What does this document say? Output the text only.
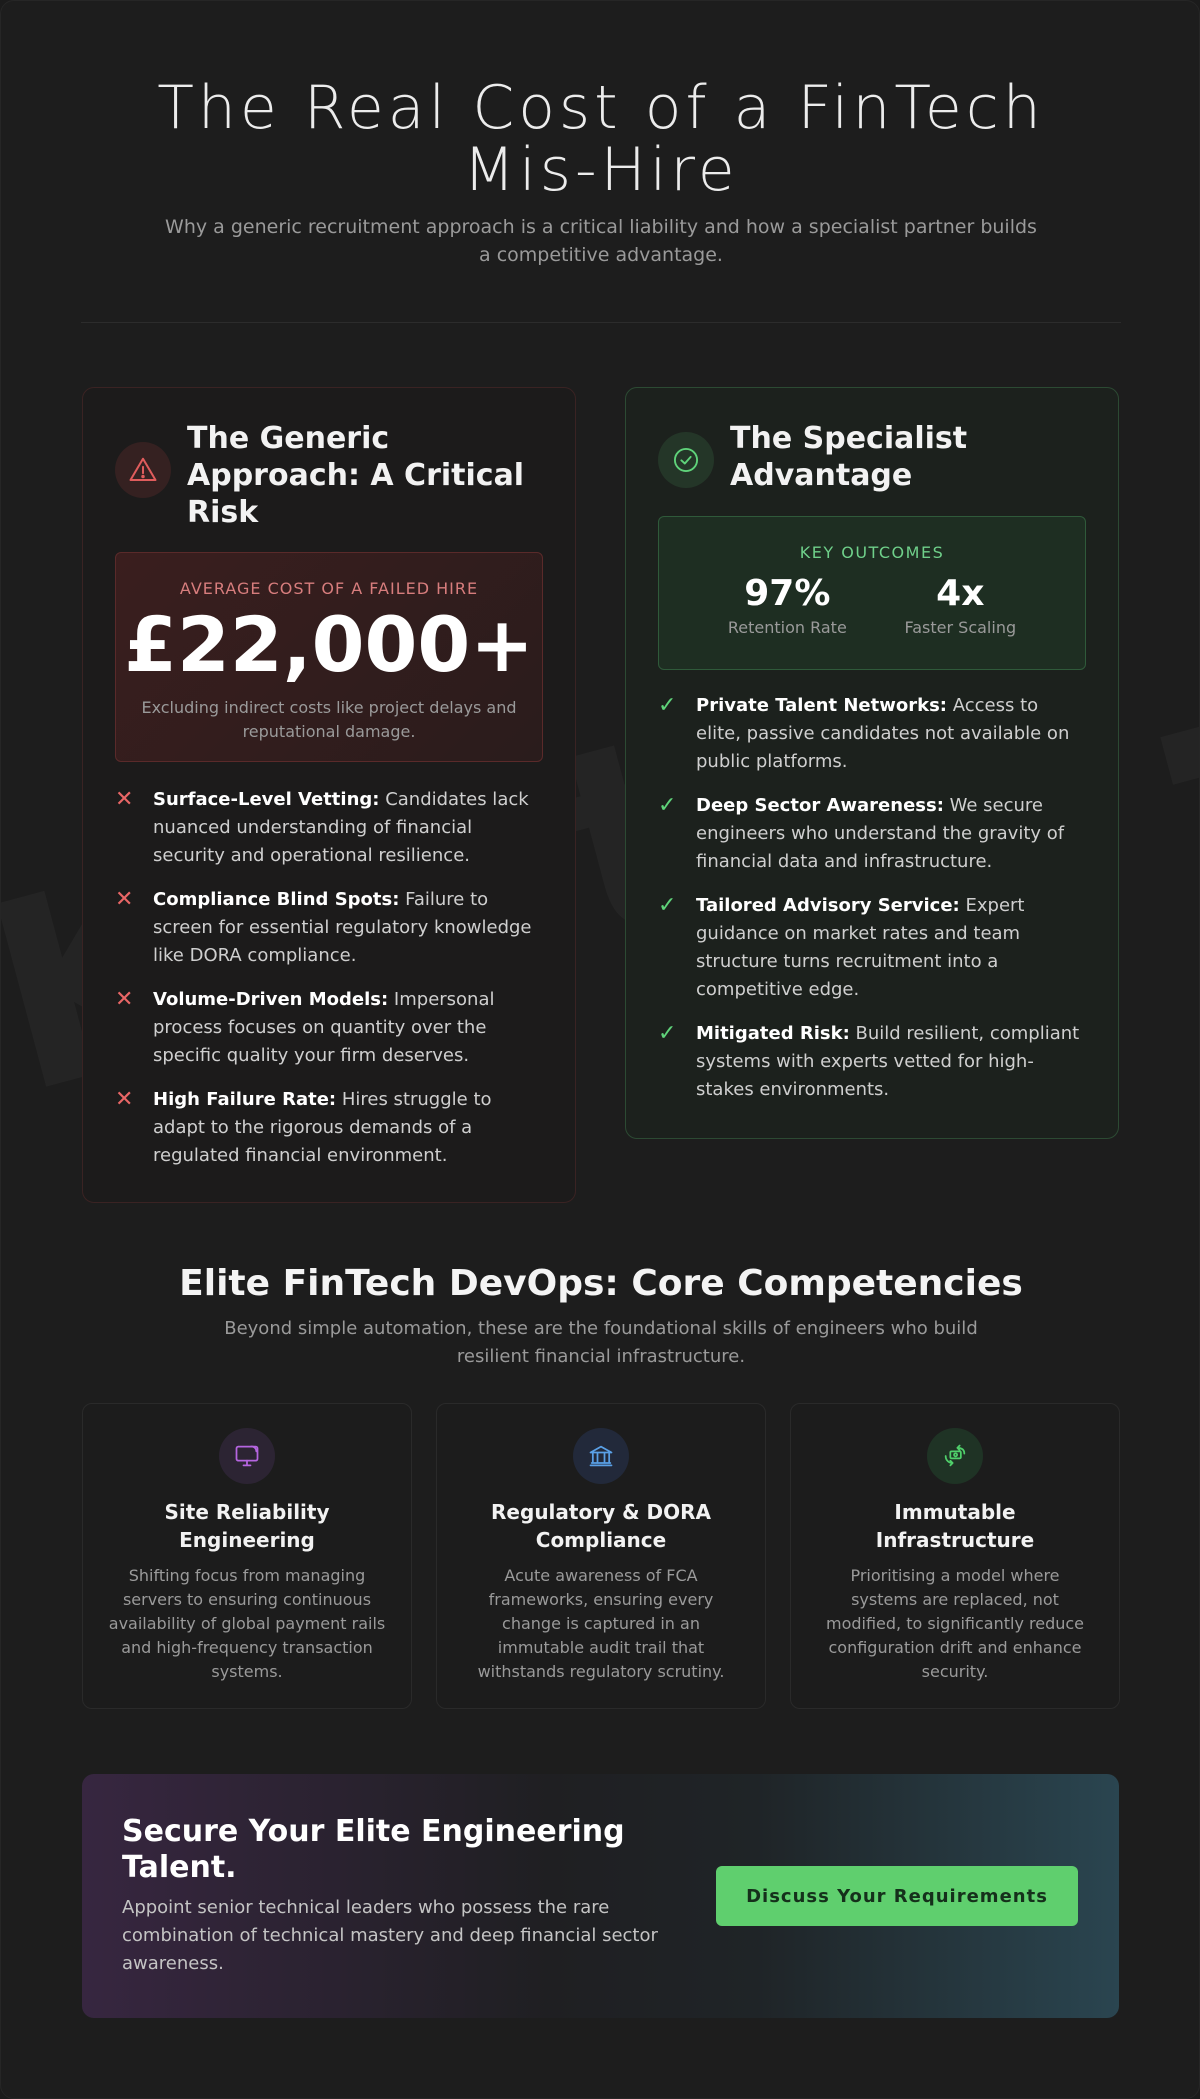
The Real Cost of a FinTech Mis-Hire

Why a generic recruitment approach is a critical liability and how a specialist partner builds a competitive advantage.

The Generic Approach: A Critical Risk
AVERAGE COST OF A FAILED HIRE
£22,000+
Excluding indirect costs like project delays and reputational damage.
✕	Surface-Level Vetting: Candidates lack nuanced understanding of financial security and operational resilience.
✕	Compliance Blind Spots: Failure to screen for essential regulatory knowledge like DORA compliance.
✕	Volume-Driven Models: Impersonal process focuses on quantity over the specific quality your firm deserves.
✕	High Failure Rate: Hires struggle to adapt to the rigorous demands of a regulated financial environment.
The Specialist Advantage
KEY OUTCOMES
97%
Retention Rate
4x
Faster Scaling
✓	Private Talent Networks: Access to elite, passive candidates not available on public platforms.
✓	Deep Sector Awareness: We secure engineers who understand the gravity of financial data and infrastructure.
✓	Tailored Advisory Service: Expert guidance on market rates and team structure turns recruitment into a competitive edge.
✓	Mitigated Risk: Build resilient, compliant systems with experts vetted for high-stakes environments.
Elite FinTech DevOps: Core Competencies

Beyond simple automation, these are the foundational skills of engineers who build resilient financial infrastructure.

Site Reliability Engineering

Shifting focus from managing servers to ensuring continuous availability of global payment rails and high-frequency transaction systems.

Regulatory & DORA Compliance

Acute awareness of FCA frameworks, ensuring every change is captured in an immutable audit trail that withstands regulatory scrutiny.

Immutable Infrastructure

Prioritising a model where systems are replaced, not modified, to significantly reduce configuration drift and enhance security.

Secure Your Elite Engineering Talent.

Appoint senior technical leaders who possess the rare combination of technical mastery and deep financial sector awareness.

Discuss Your Requirements
